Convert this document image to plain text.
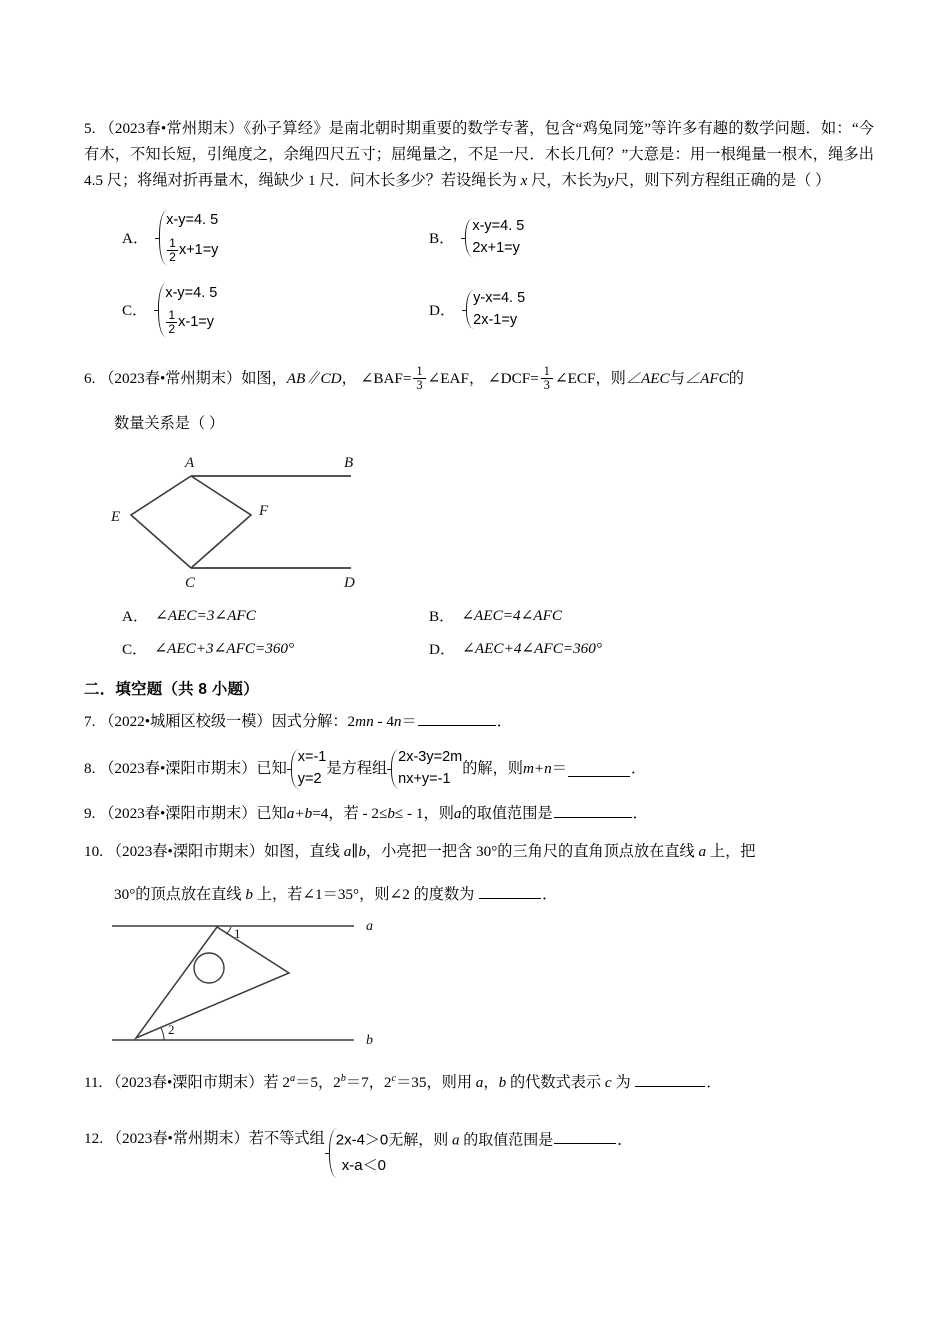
5. （2023春•常州期末）《孙子算经》是南北朝时期重要的数学专著，包含“鸡兔同笼”等许多有趣的数学问题．如：“今有木，不知长短，引绳度之，余绳四尺五寸；屈绳量之，不足一尺．木长几何？”大意是：用一根绳量一根木，绳多出 4.5 尺；将绳对折再量木，绳缺少 1 尺．问木长多少？若设绳长为 x 尺，木长为y尺，则下列方程组正确的是（ ）
A．
x-y=4. 5
$\frac{1}{2} x+1=y$
B．
x-y=4. 5
2x+1=y
C．
x-y=4. 5
$\frac{1}{2} x-1=y$
D．
y-x=4. 5
2x-1=y
6.
（2023春•常州期末） 如图， AB∥CD ，
∠BAF= $\frac{1}{3}$ ∠EAF ，
∠DCF= $\frac{1}{3}$ ∠ECF ，则 ∠AEC 与 ∠AFC 的
数量关系是（ ）
A	B
E	F
C	D
A． ∠AEC=3∠AFC	B． ∠AEC=4∠AFC
C． ∠AEC+3∠AFC=360°	D． ∠AEC+4∠AFC=360°
二．填空题（共 8 小题）
7. （2022•城厢区校级一模）因式分解：2mn - 4n＝	．
8.
（2023春•溧阳市期末） 已知
x=-1
y=2
是方程组
2x-3y=2m
nx+y=-1
的解，则 m+n ＝	．
9. （2023春•溧阳市期末）已知a+b=4，若 - 2≤b≤ - 1，则a的取值范围是	．
10. （2023春•溧阳市期末）如图，直线 a∥b，小亮把一把含 30°的三角尺的直角顶点放在直线 a 上，把
30°的顶点放在直线 b 上，若∠1＝35°，则∠2 的度数为	．
a
b
1
2
11. （2023春•溧阳市期末）若 $2^a=5$，$2^b=7$，$2^c=35$，则用 a，b 的代数式表示 c 为	．
12.
（2023春•常州期末） 若不等式组 2x-4＞0无解，则 a 的取值范围是	．
x-a＜0
